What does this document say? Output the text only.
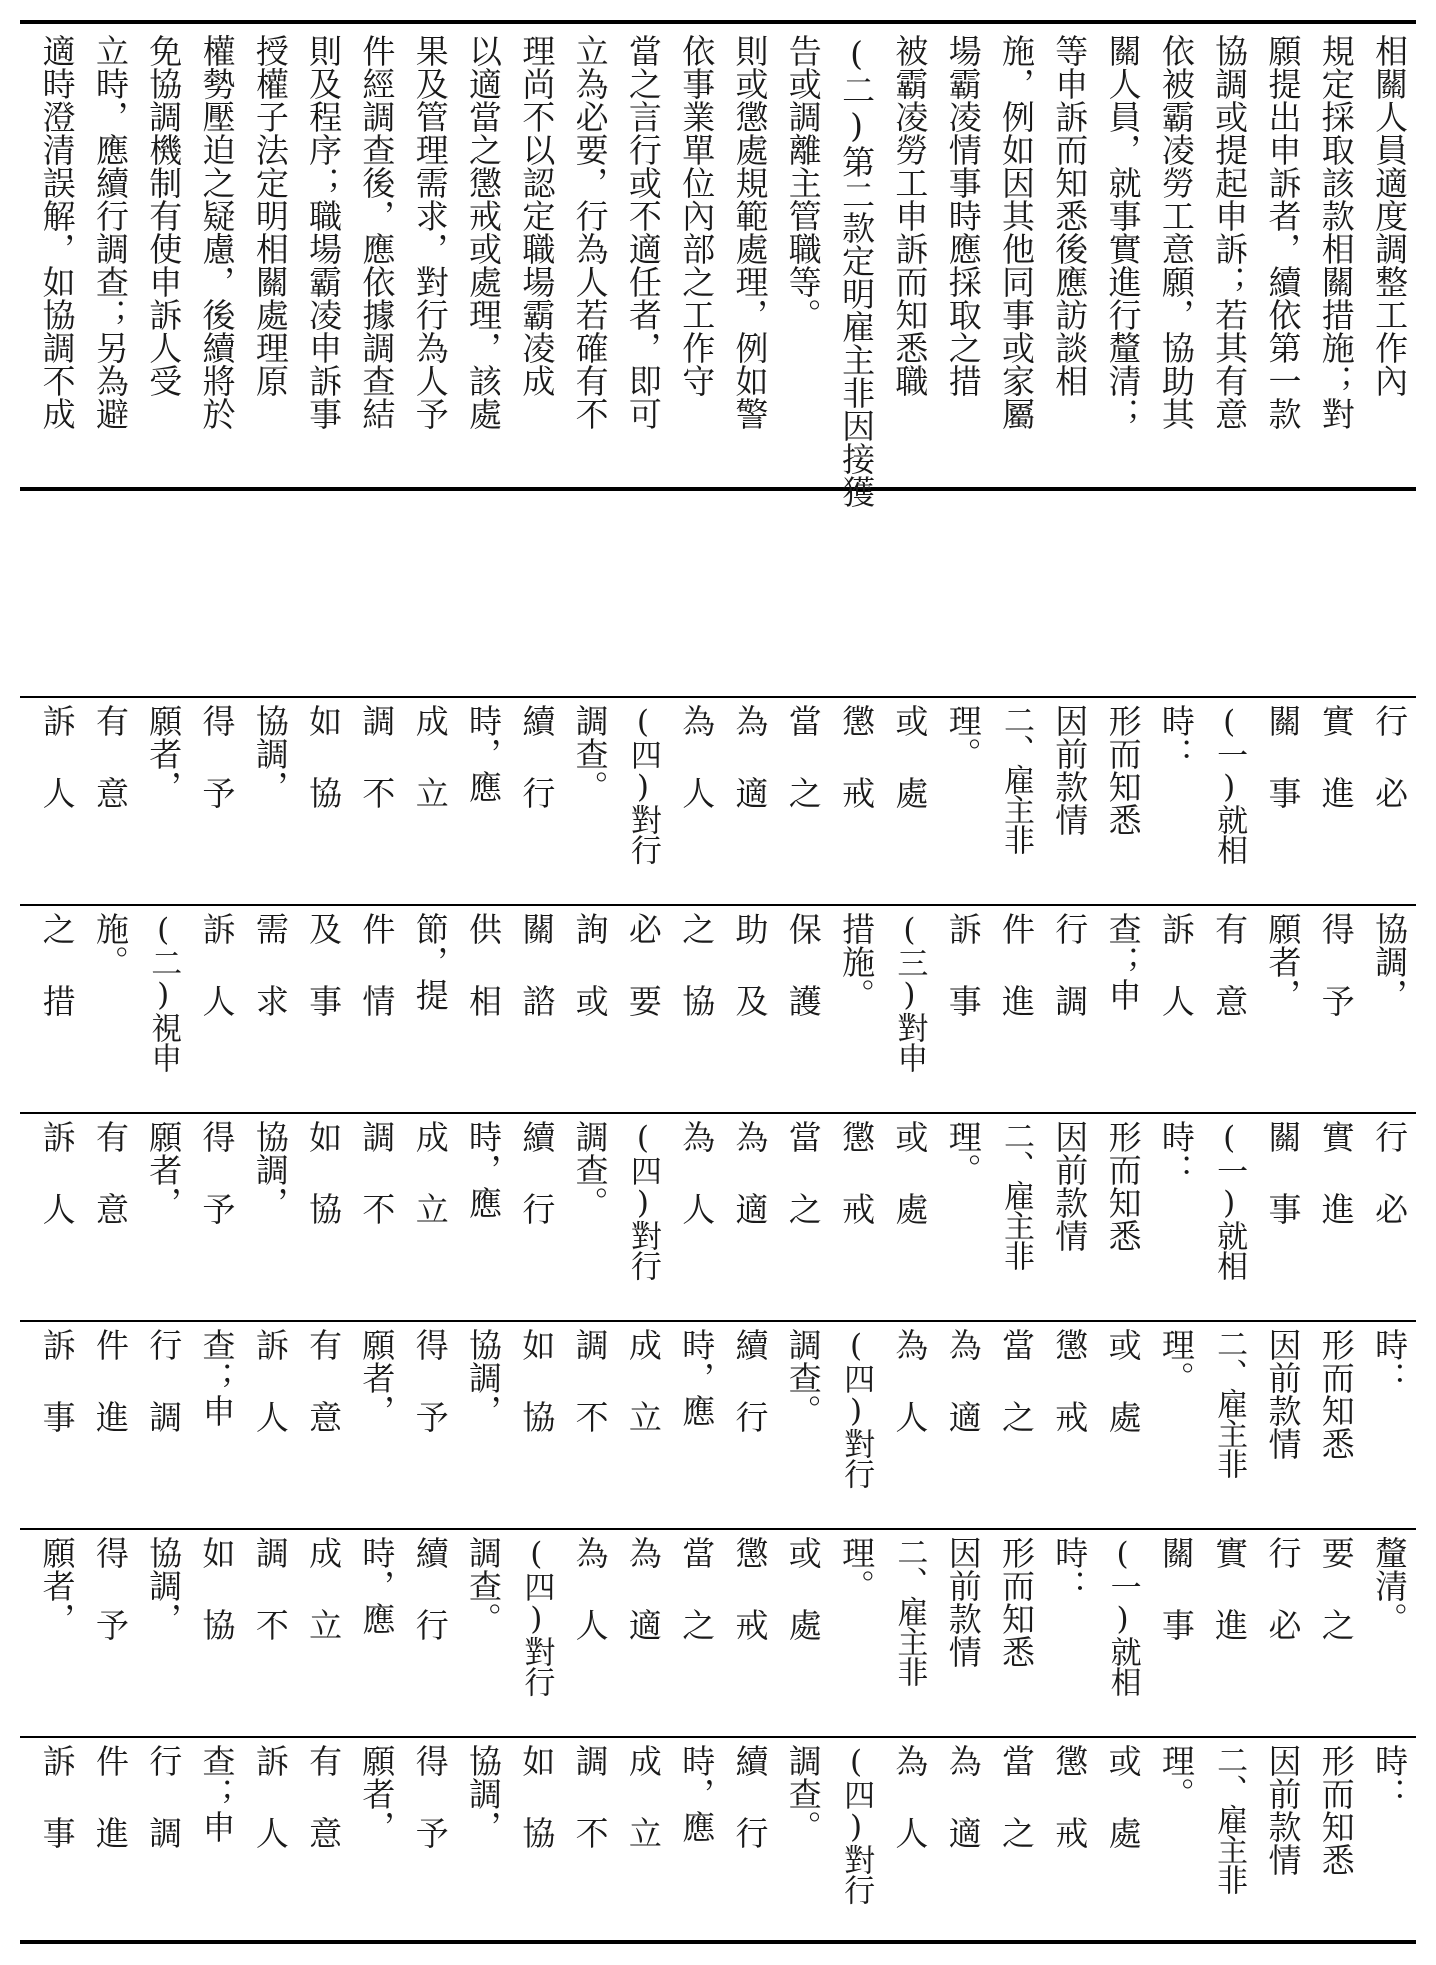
適時澄清誤解，如協調不成 立時，應續行調查；另為避 免協調機制有使申訴人受 權勢壓迫之疑慮，後續將於 授權子法定明相關處理原 則及程序；職場霸凌申訴事 件經調查後，應依據調查結 果及管理需求，對行為人予 以適當之懲戒或處理，該處 理尚不以認定職場霸凌成 立為必要，行為人若確有不 當之言行或不適任者，即可 依事業單位內部之工作守 則或懲處規範處理，例如警 告或調離主管職等。 (二)第二款定明雇主非因接獲 被霸凌勞工申訴而知悉職 場霸凌情事時應採取之措 施，例如因其他同事或家屬 等申訴而知悉後應訪談相 關人員，就事實進行釐清； 依被霸凌勞工意願，協助其 協調或提起申訴；若其有意 願提出申訴者，續依第一款 規定採取該款相關措施；對 相關人員適度調整工作內
訴 人 有 意 願者， 得 予 協調， 如 協 調 不 成 立 時，應 續 行 調查。 (四)對行 為 人 為 適 當 之 懲 戒 或 處 理。 二、雇主非 因前款情 形而知悉 時： (一)就相 關 事 實 進 行 必
之 措 施。 (二)視申 訴 人 需 求 及 事 件 情 節，提 供 相 關 諮 詢 或 必 要 之 協 助 及 保 護 措施。 (三)對申 訴 事 件 進 行 調 查；申 訴 人 有 意 願者， 得 予 協調，
訴 人 有 意 願者， 得 予 協調， 如 協 調 不 成 立 時，應 續 行 調查。 (四)對行 為 人 為 適 當 之 懲 戒 或 處 理。 二、雇主非 因前款情 形而知悉 時： (一)就相 關 事 實 進 行 必
訴 事 件 進 行 調 查；申 訴 人 有 意 願者， 得 予 協調， 如 協 調 不 成 立 時，應 續 行 調查。 (四)對行 為 人 為 適 當 之 懲 戒 或 處 理。 二、雇主非 因前款情 形而知悉 時：
願者， 得 予 協調， 如 協 調 不 成 立 時，應 續 行 調查。 (四)對行 為 人 為 適 當 之 懲 戒 或 處 理。 二、雇主非 因前款情 形而知悉 時： (一)就相 關 事 實 進 行 必 要 之 釐清。
訴 事 件 進 行 調 查；申 訴 人 有 意 願者， 得 予 協調， 如 協 調 不 成 立 時，應 續 行 調查。 (四)對行 為 人 為 適 當 之 懲 戒 或 處 理。 二、雇主非 因前款情 形而知悉 時：
